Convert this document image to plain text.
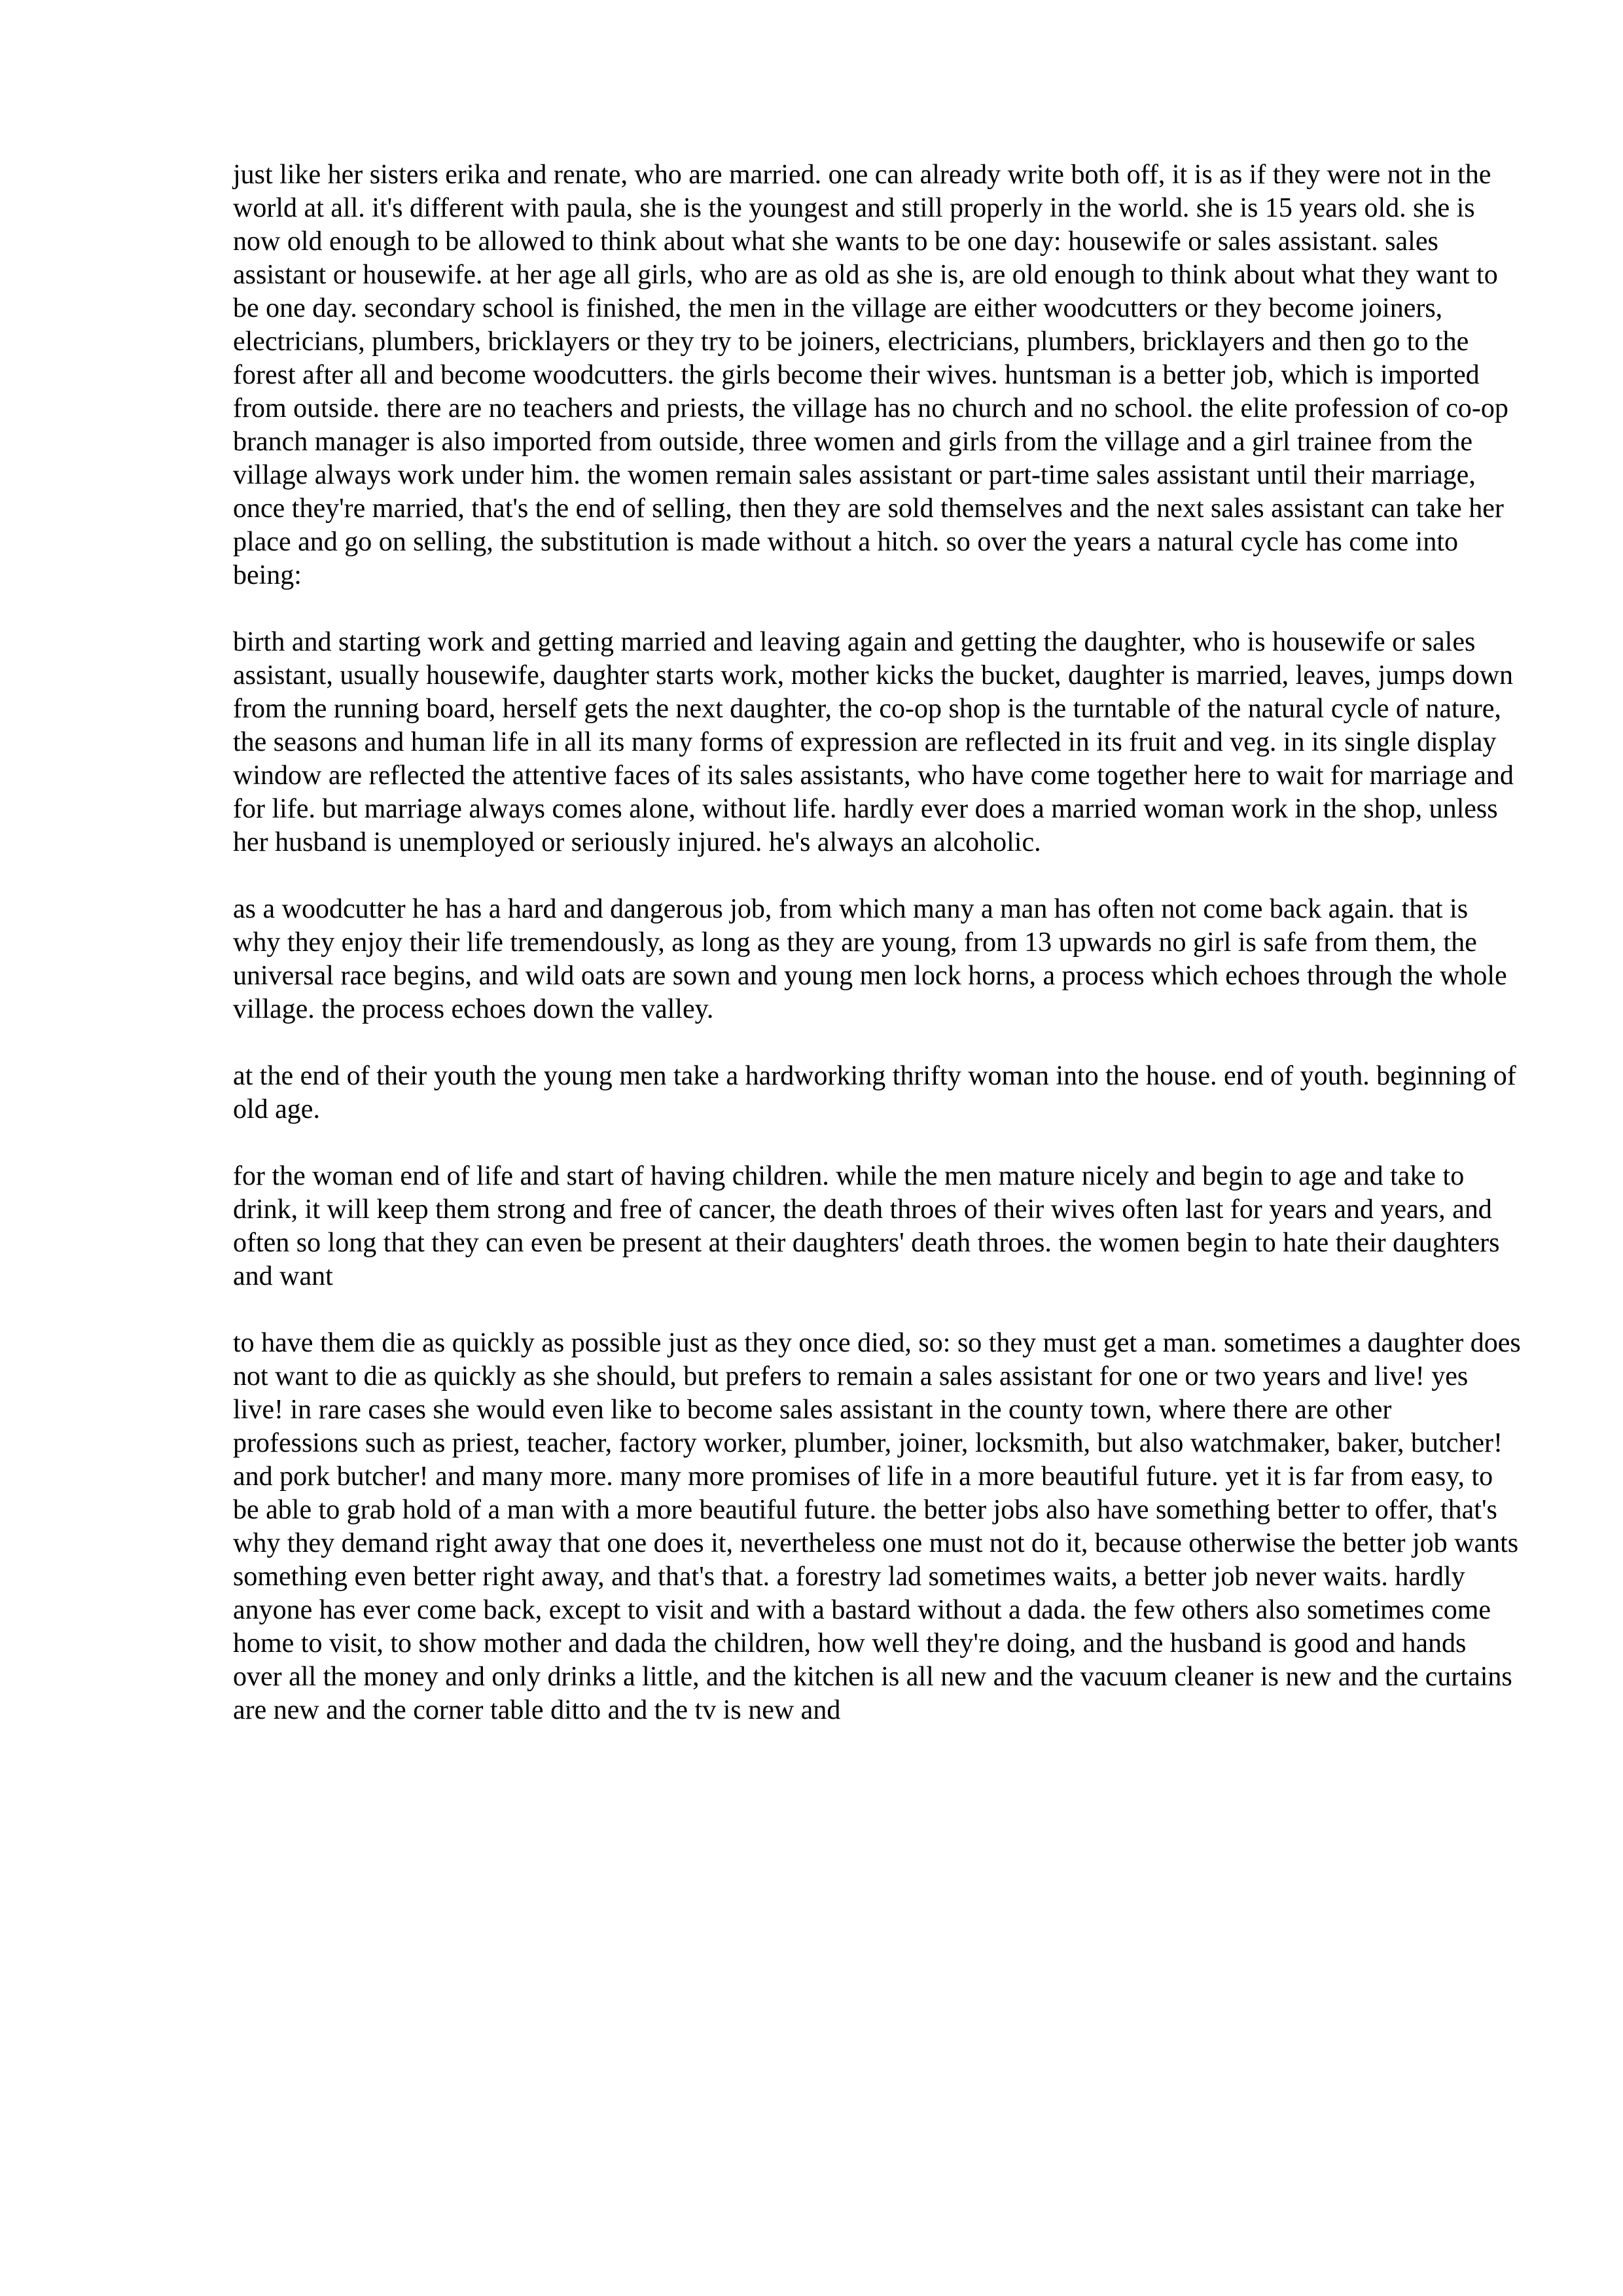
just like her sisters erika and renate, who are married. one can already write both off, it is as if they were not in the world at all. it's different with paula, she is the youngest and still properly in the world. she is 15 years old. she is now old enough to be allowed to think about what she wants to be one day: housewife or sales assistant. sales assistant or housewife. at her age all girls, who are as old as she is, are old enough to think about what they want to be one day. secondary school is finished, the men in the village are either woodcutters or they become joiners, electricians, plumbers, bricklayers or they try to be joiners, electricians, plumbers, bricklayers and then go to the forest after all and become woodcutters. the girls become their wives. huntsman is a better job, which is imported from outside. there are no teachers and priests, the village has no church and no school. the elite profession of co-op branch manager is also imported from outside, three women and girls from the village and a girl trainee from the village always work under him. the women remain sales assistant or part-time sales assistant until their marriage, once they're married, that's the end of selling, then they are sold themselves and the next sales assistant can take her place and go on selling, the substitution is made without a hitch. so over the years a natural cycle has come into being:

birth and starting work and getting married and leaving again and getting the daughter, who is housewife or sales assistant, usually housewife, daughter starts work, mother kicks the bucket, daughter is married, leaves, jumps down from the running board, herself gets the next daughter, the co-op shop is the turntable of the natural cycle of nature, the seasons and human life in all its many forms of expression are reflected in its fruit and veg. in its single display window are reflected the attentive faces of its sales assistants, who have come together here to wait for marriage and for life. but marriage always comes alone, without life. hardly ever does a married woman work in the shop, unless her husband is unemployed or seriously injured. he's always an alcoholic.

as a woodcutter he has a hard and dangerous job, from which many a man has often not come back again. that is why they enjoy their life tremendously, as long as they are young, from 13 upwards no girl is safe from them, the universal race begins, and wild oats are sown and young men lock horns, a process which echoes through the whole village. the process echoes down the valley.

at the end of their youth the young men take a hardworking thrifty woman into the house. end of youth. beginning of old age.

for the woman end of life and start of having children. while the men mature nicely and begin to age and take to drink, it will keep them strong and free of cancer, the death throes of their wives often last for years and years, and often so long that they can even be present at their daughters' death throes. the women begin to hate their daughters and want

to have them die as quickly as possible just as they once died, so: so they must get a man. sometimes a daughter does not want to die as quickly as she should, but prefers to remain a sales assistant for one or two years and live! yes live! in rare cases she would even like to become sales assistant in the county town, where there are other professions such as priest, teacher, factory worker, plumber, joiner, locksmith, but also watchmaker, baker, butcher! and pork butcher! and many more. many more promises of life in a more beautiful future. yet it is far from easy, to be able to grab hold of a man with a more beautiful future. the better jobs also have something better to offer, that's why they demand right away that one does it, nevertheless one must not do it, because otherwise the better job wants something even better right away, and that's that. a forestry lad sometimes waits, a better job never waits. hardly anyone has ever come back, except to visit and with a bastard without a dada. the few others also sometimes come home to visit, to show mother and dada the children, how well they're doing, and the husband is good and hands over all the money and only drinks a little, and the kitchen is all new and the vacuum cleaner is new and the curtains are new and the corner table ditto and the tv is new and
